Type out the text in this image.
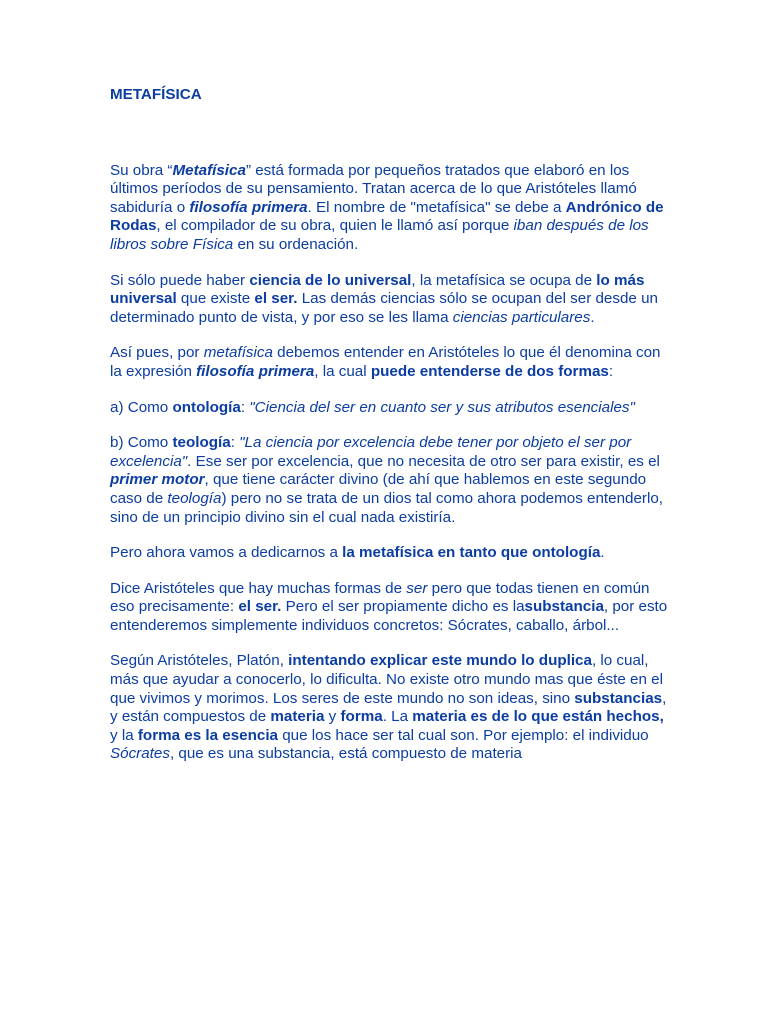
METAFÍSICA

Su obra “Metafísica” está formada por pequeños tratados que elaboró en los últimos períodos de su pensamiento. Tratan acerca de lo que Aristóteles llamó sabiduría o filosofía primera. El nombre de "metafísica" se debe a Andrónico de Rodas, el compilador de su obra, quien le llamó así porque iban después de los libros sobre Física en su ordenación.

Si sólo puede haber ciencia de lo universal, la metafísica se ocupa de lo más universal que existe el ser. Las demás ciencias sólo se ocupan del ser desde un determinado punto de vista, y por eso se les llama ciencias particulares.

Así pues, por metafísica debemos entender en Aristóteles lo que él denomina con la expresión filosofía primera, la cual puede entenderse de dos formas:

a) Como ontología: "Ciencia del ser en cuanto ser y sus atributos esenciales"

b) Como teología: "La ciencia por excelencia debe tener por objeto el ser por excelencia". Ese ser por excelencia, que no necesita de otro ser para existir, es el primer motor, que tiene carácter divino (de ahí que hablemos en este segundo caso de teología) pero no se trata de un dios tal como ahora podemos entenderlo, sino de un principio divino sin el cual nada existiría.

Pero ahora vamos a dedicarnos a la metafísica en tanto que ontología.

Dice Aristóteles que hay muchas formas de ser pero que todas tienen en común eso precisamente: el ser. Pero el ser propiamente dicho es lasubstancia, por esto entenderemos simplemente individuos concretos: Sócrates, caballo, árbol...

Según Aristóteles, Platón, intentando explicar este mundo lo duplica, lo cual, más que ayudar a conocerlo, lo dificulta. No existe otro mundo mas que éste en el que vivimos y morimos. Los seres de este mundo no son ideas, sino substancias, y están compuestos de materia y forma. La materia es de lo que están hechos, y la forma es la esencia que los hace ser tal cual son. Por ejemplo: el individuo Sócrates, que es una substancia, está compuesto de materia
